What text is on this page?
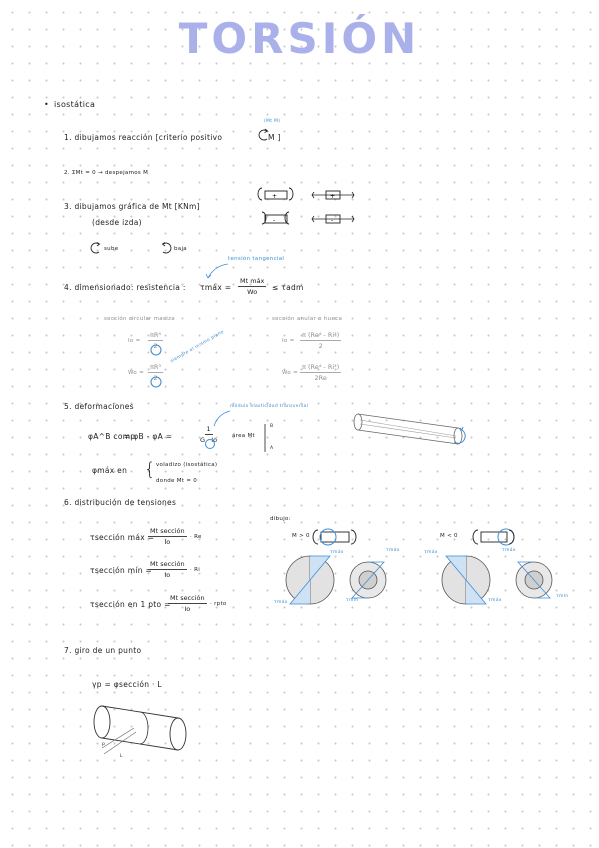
TORSIÓN
• isostática
1. dibujamos reacción [criterio positivo
(Mt M)
M ]
2. ΣMt = 0 → despejamos M
3. dibujamos gráfica de Mt [KNm]
(desde izda)
+	+
-	-
sube	baja
tensión tangencial
4. dimensionado: resistencia : τmáx =
Mt máx
Wo ≤ τadm
sección circular maciza	sección anular o hueca
$Io = \frac{\text{πR⁴}}{2}$
$Wo = \frac{\text{πR³}}{2}$
siempre el mismo plano	$Io = \frac{\text{π (Re⁴ - Ri⁴)}}{2}$
$Wo = \frac{\text{π (Re⁴ - Ri⁴)}}{2Re}$
5. deformaciones	módulo elasticidad transversal
φA^B comp
= φB - φA =	$\frac{1}{G \cdot Io}$	área Mt
B
A
φmáx en { voladizo (isostática)
donde Mt = 0
6. distribución de tensiones
τsección máx =
Mt sección
Io
· Re
τsección mín =
Mt sección
Io
· Ri
τsección en 1 pto =
Mt sección
Io
· rpto
dibujo:
M > 0	M < 0
τmáx
τmáx
τmáx
τmín
τmáx
τmáx
τmáx
τmín
7. giro de un punto
γp = φsección · L
p
L
